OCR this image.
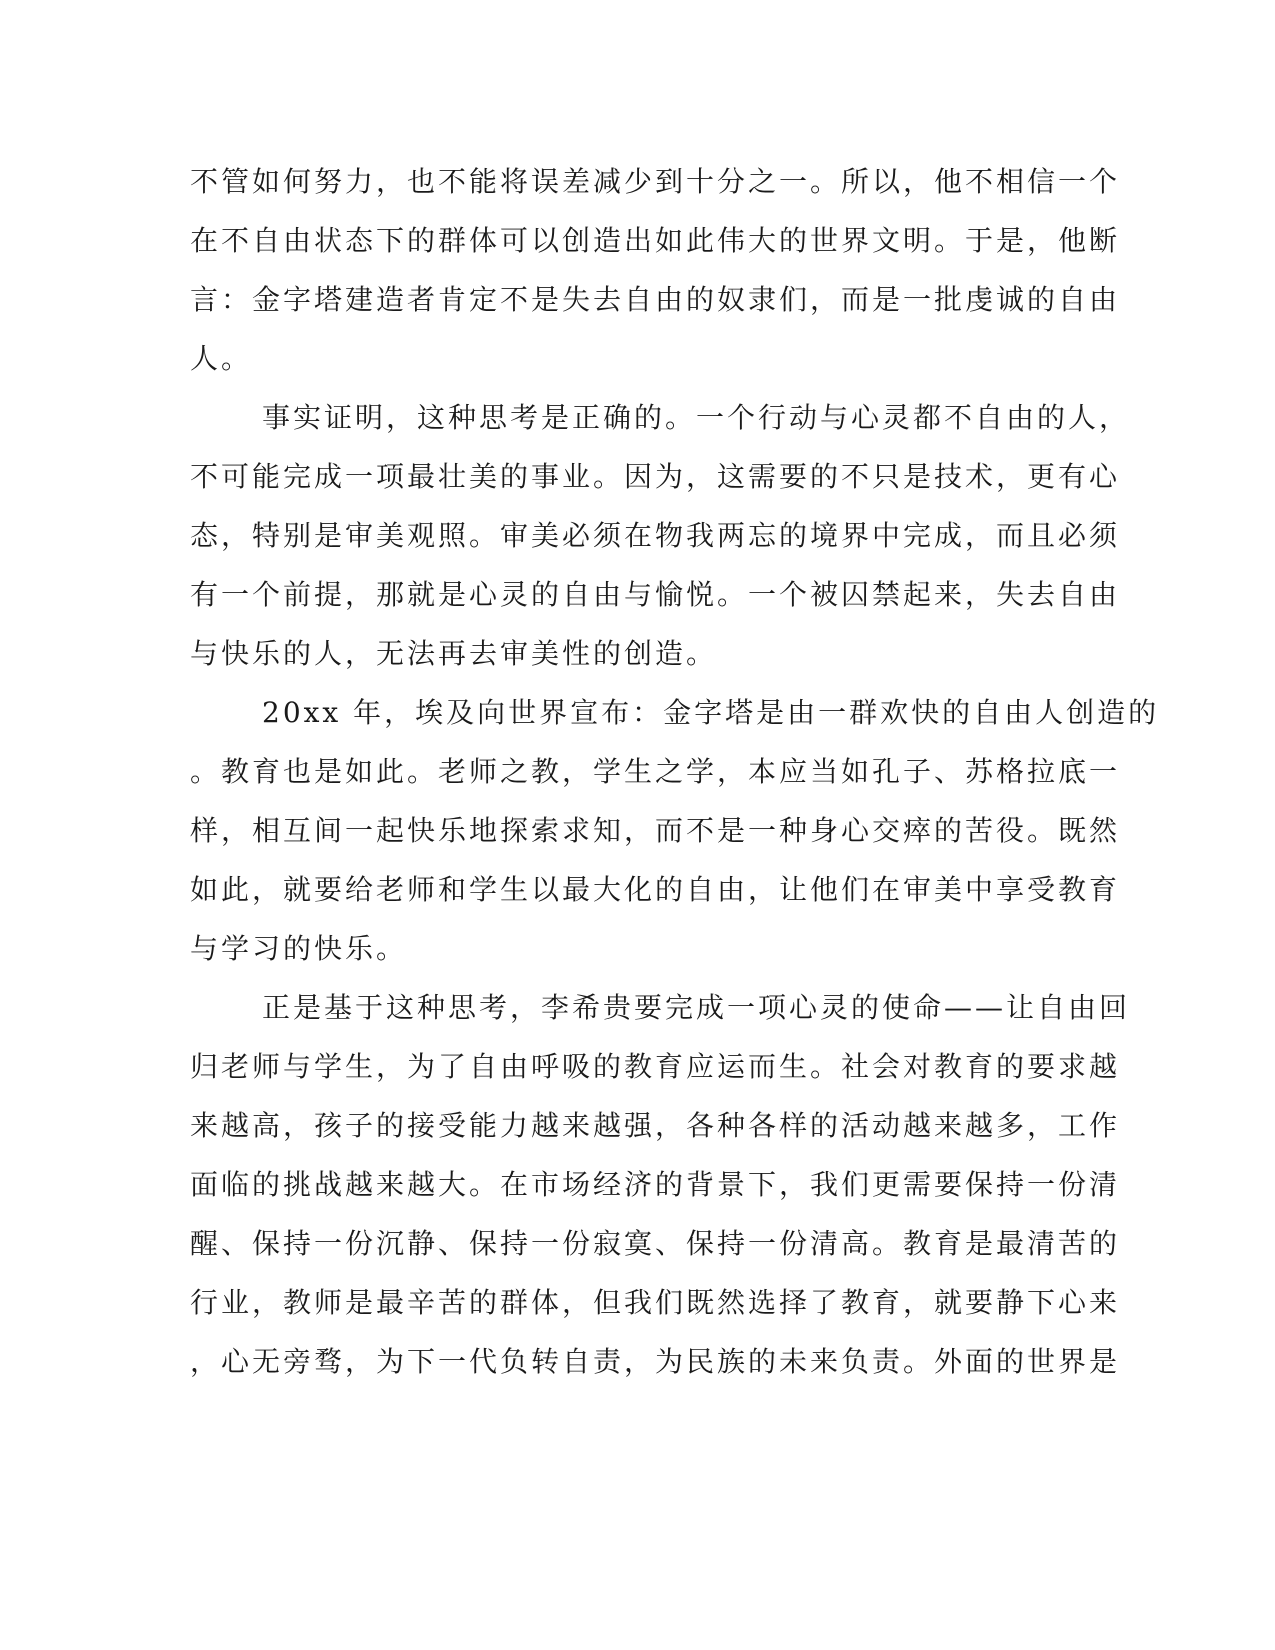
不管如何努力，也不能将误差减少到十分之一。所以，他不相信一个
在不自由状态下的群体可以创造出如此伟大的世界文明。于是，他断
言：金字塔建造者肯定不是失去自由的奴隶们，而是一批虔诚的自由
人。
事实证明，这种思考是正确的。一个行动与心灵都不自由的人，
不可能完成一项最壮美的事业。因为，这需要的不只是技术，更有心
态，特别是审美观照。审美必须在物我两忘的境界中完成，而且必须
有一个前提，那就是心灵的自由与愉悦。一个被囚禁起来，失去自由
与快乐的人，无法再去审美性的创造。
20xx 年，埃及向世界宣布：金字塔是由一群欢快的自由人创造的
。教育也是如此。老师之教，学生之学，本应当如孔子、苏格拉底一
样，相互间一起快乐地探索求知，而不是一种身心交瘁的苦役。既然
如此，就要给老师和学生以最大化的自由，让他们在审美中享受教育
与学习的快乐。
正是基于这种思考，李希贵要完成一项心灵的使命——让自由回
归老师与学生，为了自由呼吸的教育应运而生。社会对教育的要求越
来越高，孩子的接受能力越来越强，各种各样的活动越来越多，工作
面临的挑战越来越大。在市场经济的背景下，我们更需要保持一份清
醒、保持一份沉静、保持一份寂寞、保持一份清高。教育是最清苦的
行业，教师是最辛苦的群体，但我们既然选择了教育，就要静下心来
，心无旁骛，为下一代负转自责，为民族的未来负责。外面的世界是
